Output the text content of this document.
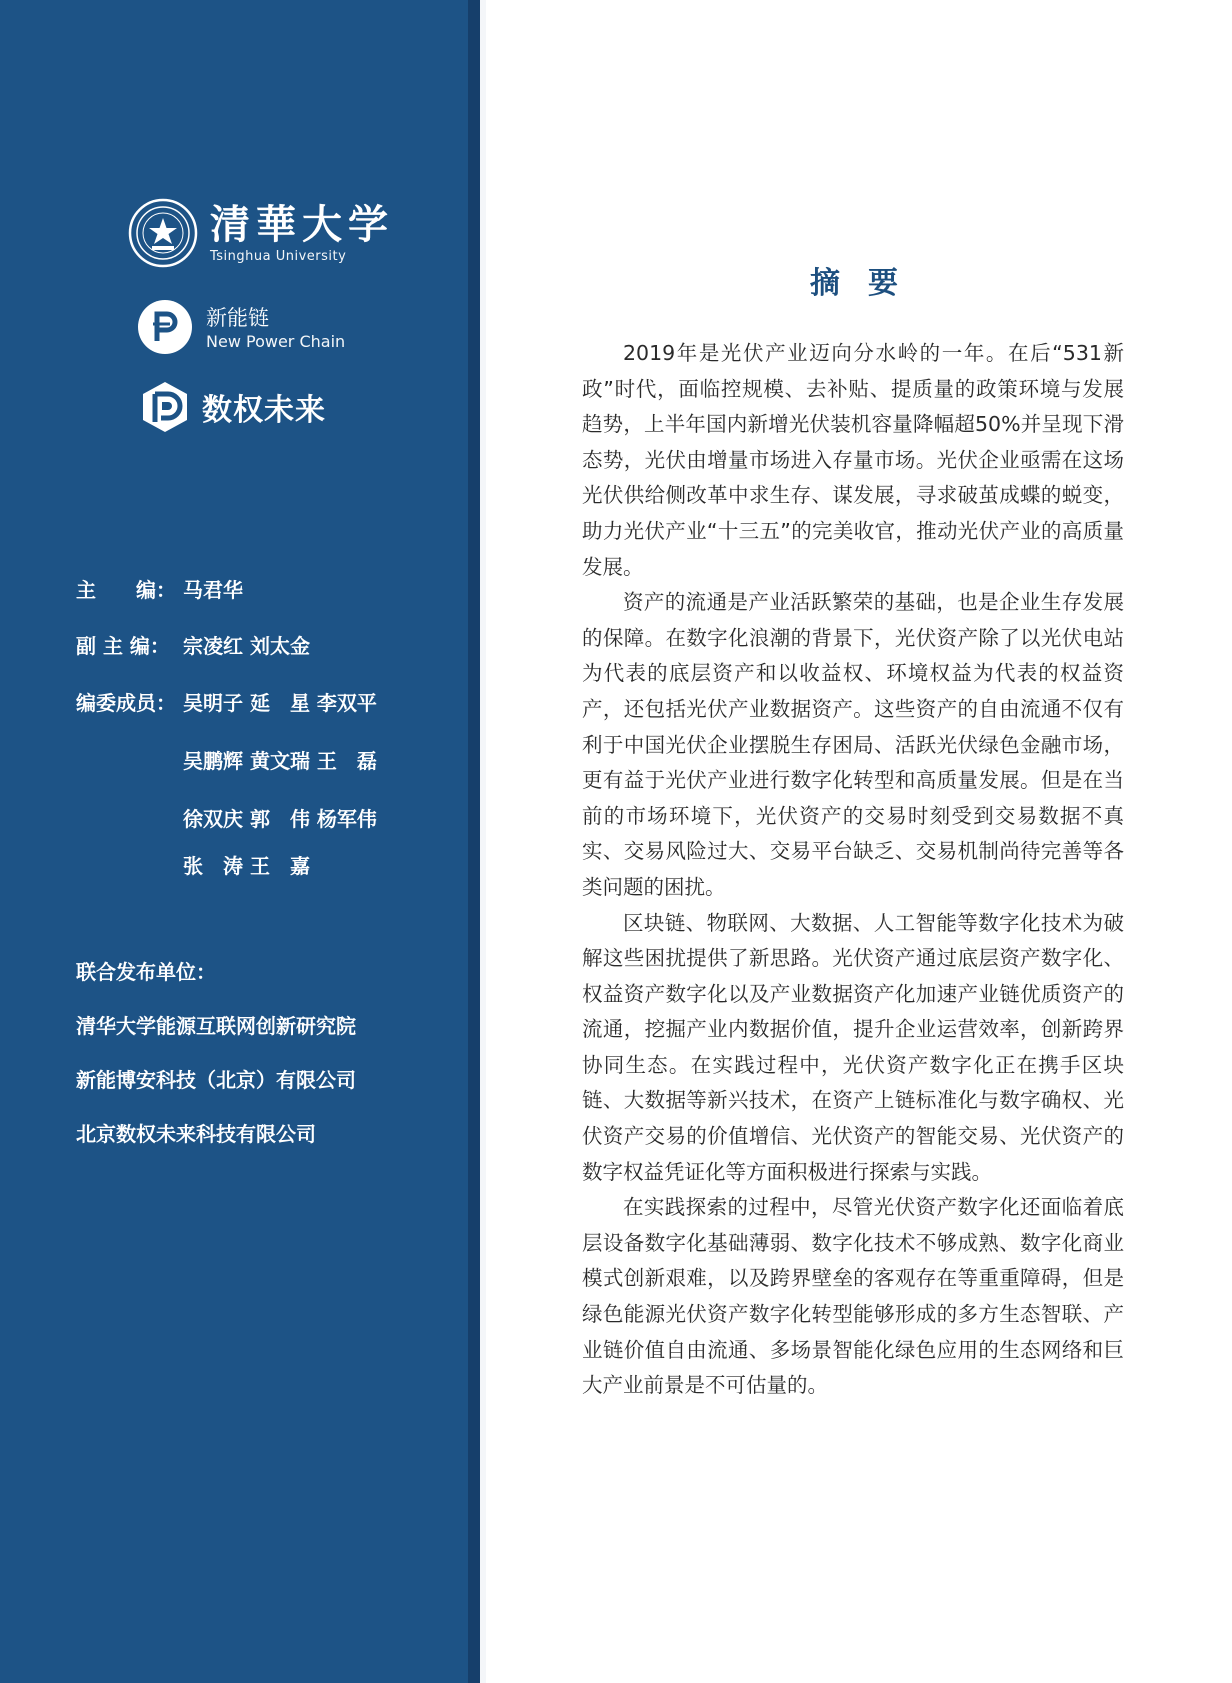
清華大学
Tsinghua University
新能链
New Power Chain
数权未来
主　　编： 马君华
副 主 编： 宗凌红 刘太金
编委成员： 吴明子 延　星 李双平
吴鹏辉 黄文瑞 王　磊
徐双庆 郭　伟 杨军伟
张　涛 王　嘉
联合发布单位：
清华大学能源互联网创新研究院
新能博安科技（北京）有限公司
北京数权未来科技有限公司
摘要

2019年是光伏产业迈向分水岭的一年。在后“531新政”时代，面临控规模、去补贴、提质量的政策环境与发展趋势，上半年国内新增光伏装机容量降幅超50%并呈现下滑态势，光伏由增量市场进入存量市场。光伏企业亟需在这场光伏供给侧改革中求生存、谋发展，寻求破茧成蝶的蜕变，助力光伏产业“十三五”的完美收官，推动光伏产业的高质量发展。

资产的流通是产业活跃繁荣的基础，也是企业生存发展的保障。在数字化浪潮的背景下，光伏资产除了以光伏电站为代表的底层资产和以收益权、环境权益为代表的权益资产，还包括光伏产业数据资产。这些资产的自由流通不仅有利于中国光伏企业摆脱生存困局、活跃光伏绿色金融市场，更有益于光伏产业进行数字化转型和高质量发展。但是在当前的市场环境下，光伏资产的交易时刻受到交易数据不真实、交易风险过大、交易平台缺乏、交易机制尚待完善等各类问题的困扰。

区块链、物联网、大数据、人工智能等数字化技术为破解这些困扰提供了新思路。光伏资产通过底层资产数字化、权益资产数字化以及产业数据资产化加速产业链优质资产的流通，挖掘产业内数据价值，提升企业运营效率，创新跨界协同生态。在实践过程中，光伏资产数字化正在携手区块链、大数据等新兴技术，在资产上链标准化与数字确权、光伏资产交易的价值增信、光伏资产的智能交易、光伏资产的数字权益凭证化等方面积极进行探索与实践。

在实践探索的过程中，尽管光伏资产数字化还面临着底层设备数字化基础薄弱、数字化技术不够成熟、数字化商业模式创新艰难，以及跨界壁垒的客观存在等重重障碍，但是绿色能源光伏资产数字化转型能够形成的多方生态智联、产业链价值自由流通、多场景智能化绿色应用的生态网络和巨大产业前景是不可估量的。
